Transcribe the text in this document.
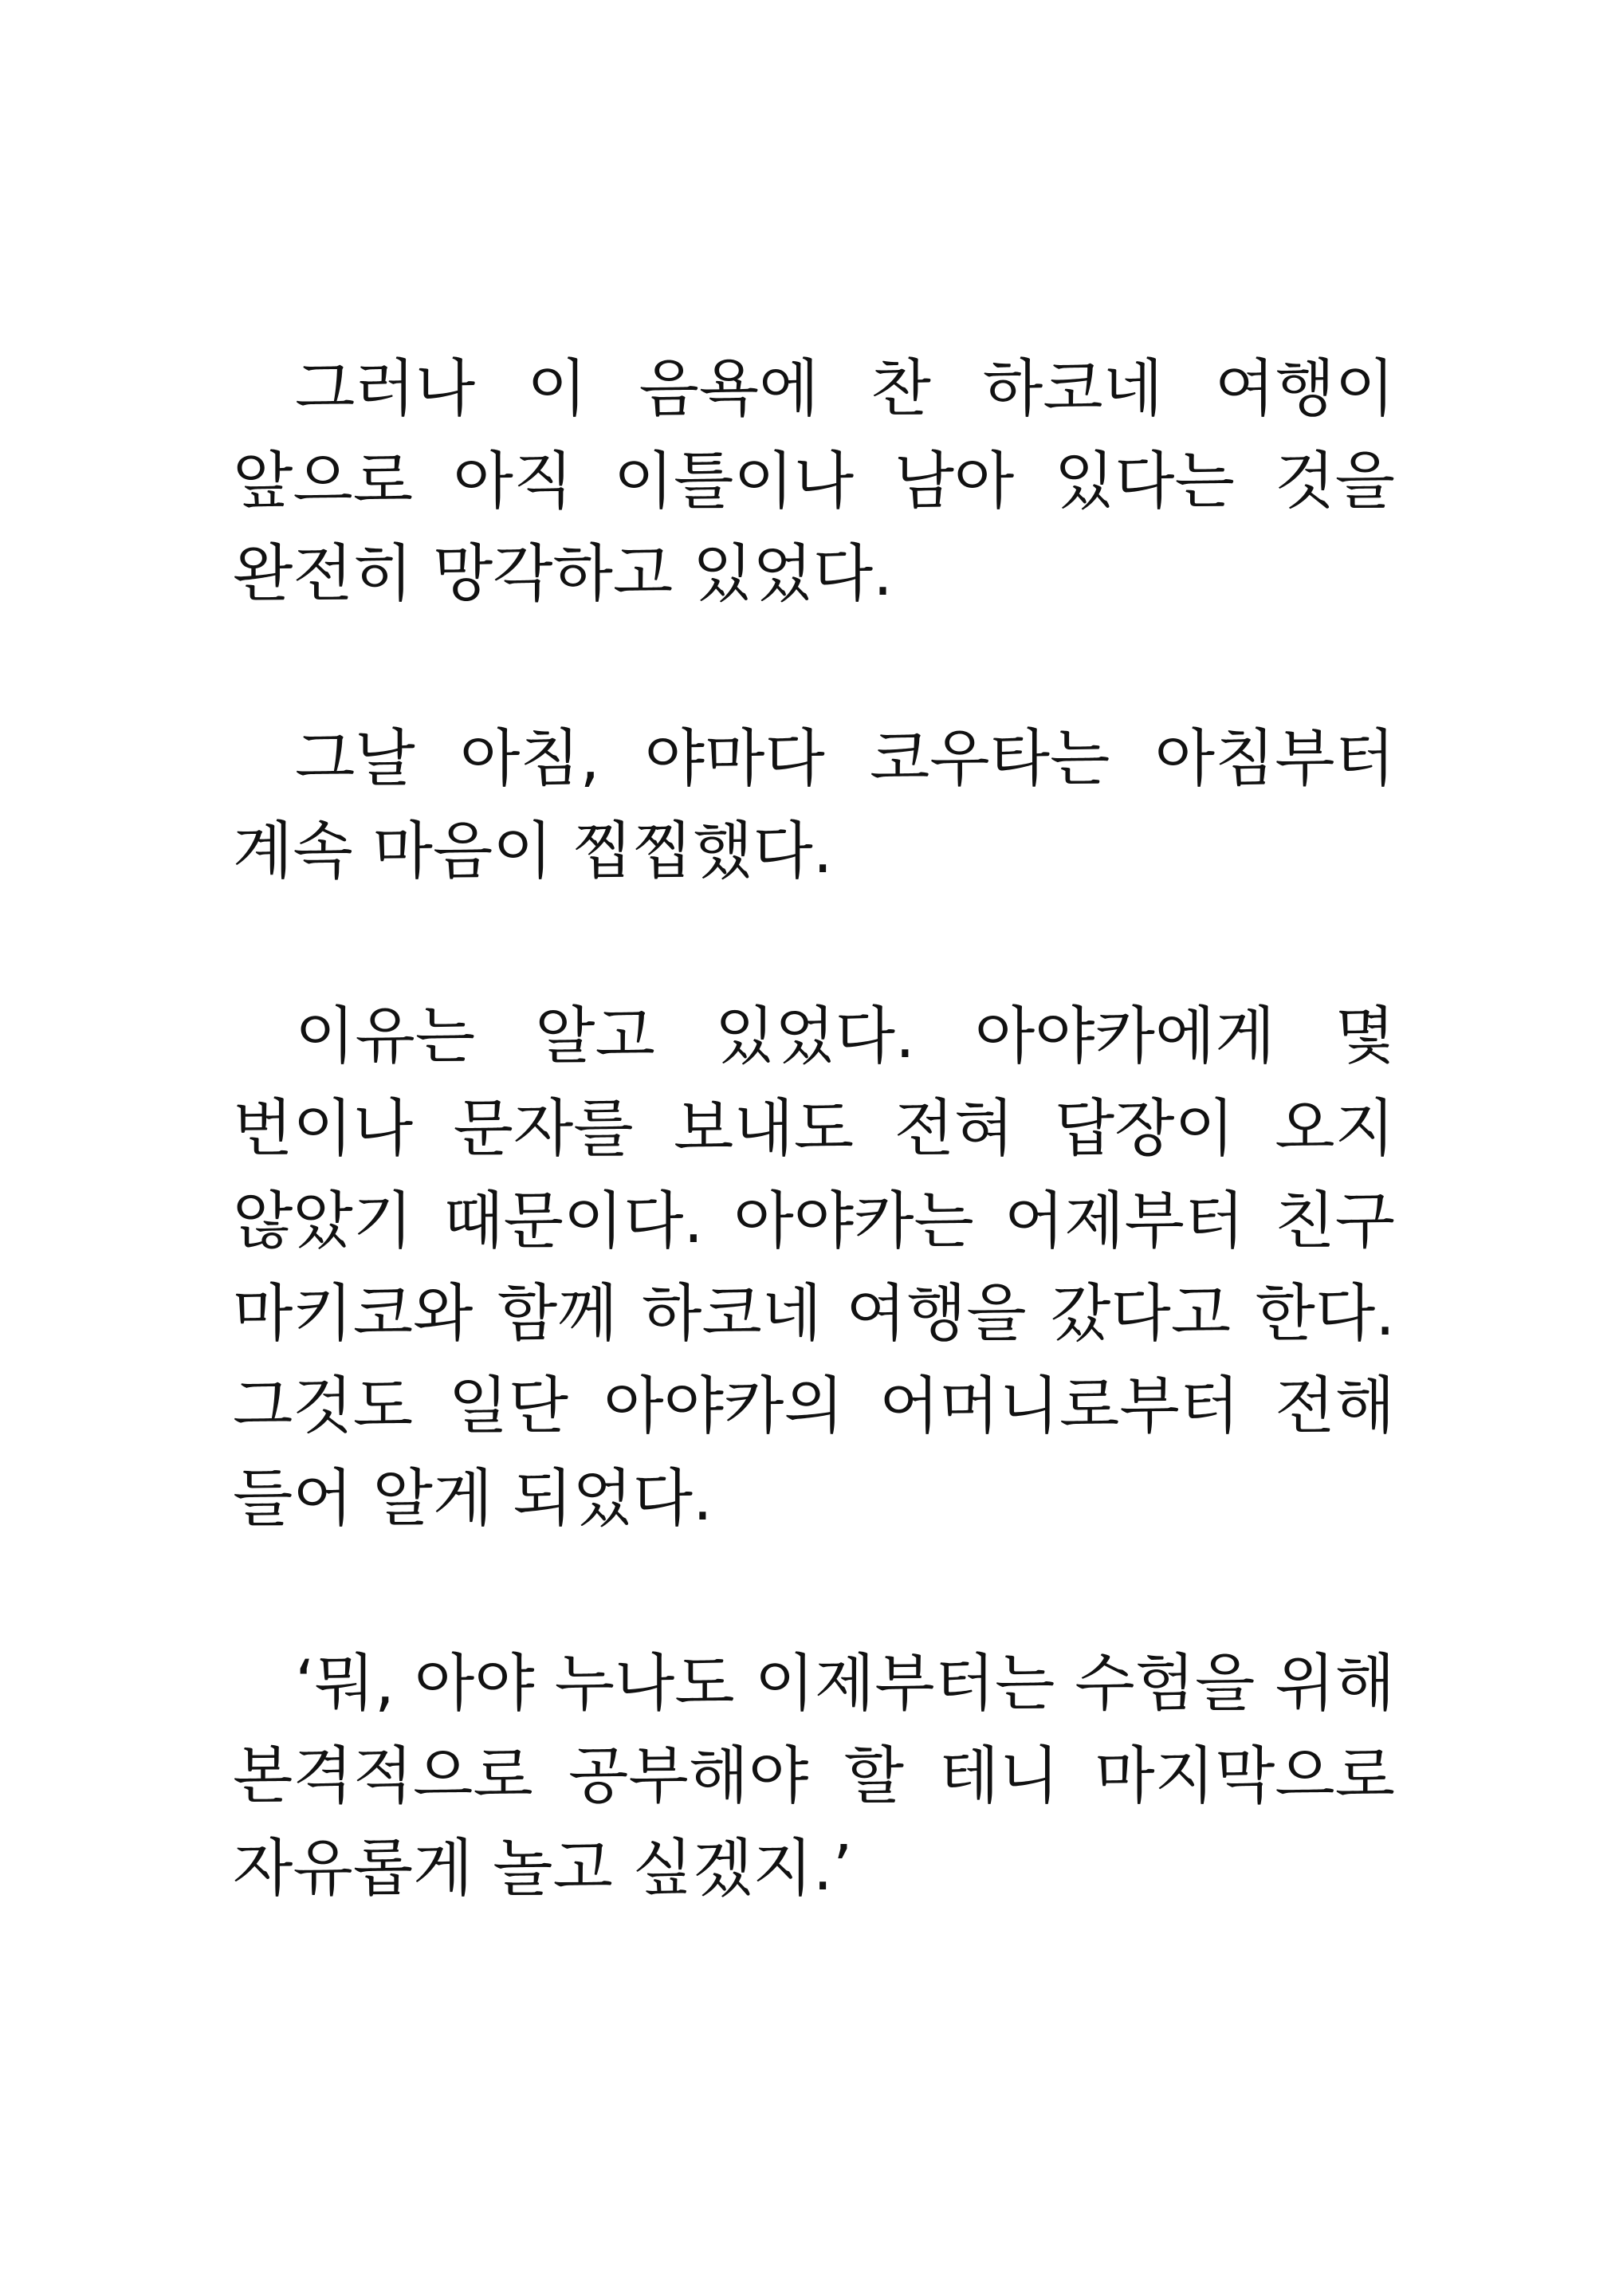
그러나 이 음욕에 찬 하코네 여행이 앞으로 아직 이틀이나 남아 있다는 것을 완전히 망각하고 있었다.

그날 아침, 야마다 코우타는 아침부터 계속 마음이 찝찝했다.

이유는 알고 있었다. 아야카에게 몇 번이나 문자를 보내도 전혀 답장이 오지 않았기 때문이다. 아야카는 어제부터 친구 마키코와 함께 하코네 여행을 갔다고 한다. 그것도 일단 아야카의 어머니로부터 전해 들어 알게 되었다.

‘뭐, 아야 누나도 이제부터는 수험을 위해 본격적으로 공부해야 할 테니 마지막으로 자유롭게 놀고 싶겠지.’
